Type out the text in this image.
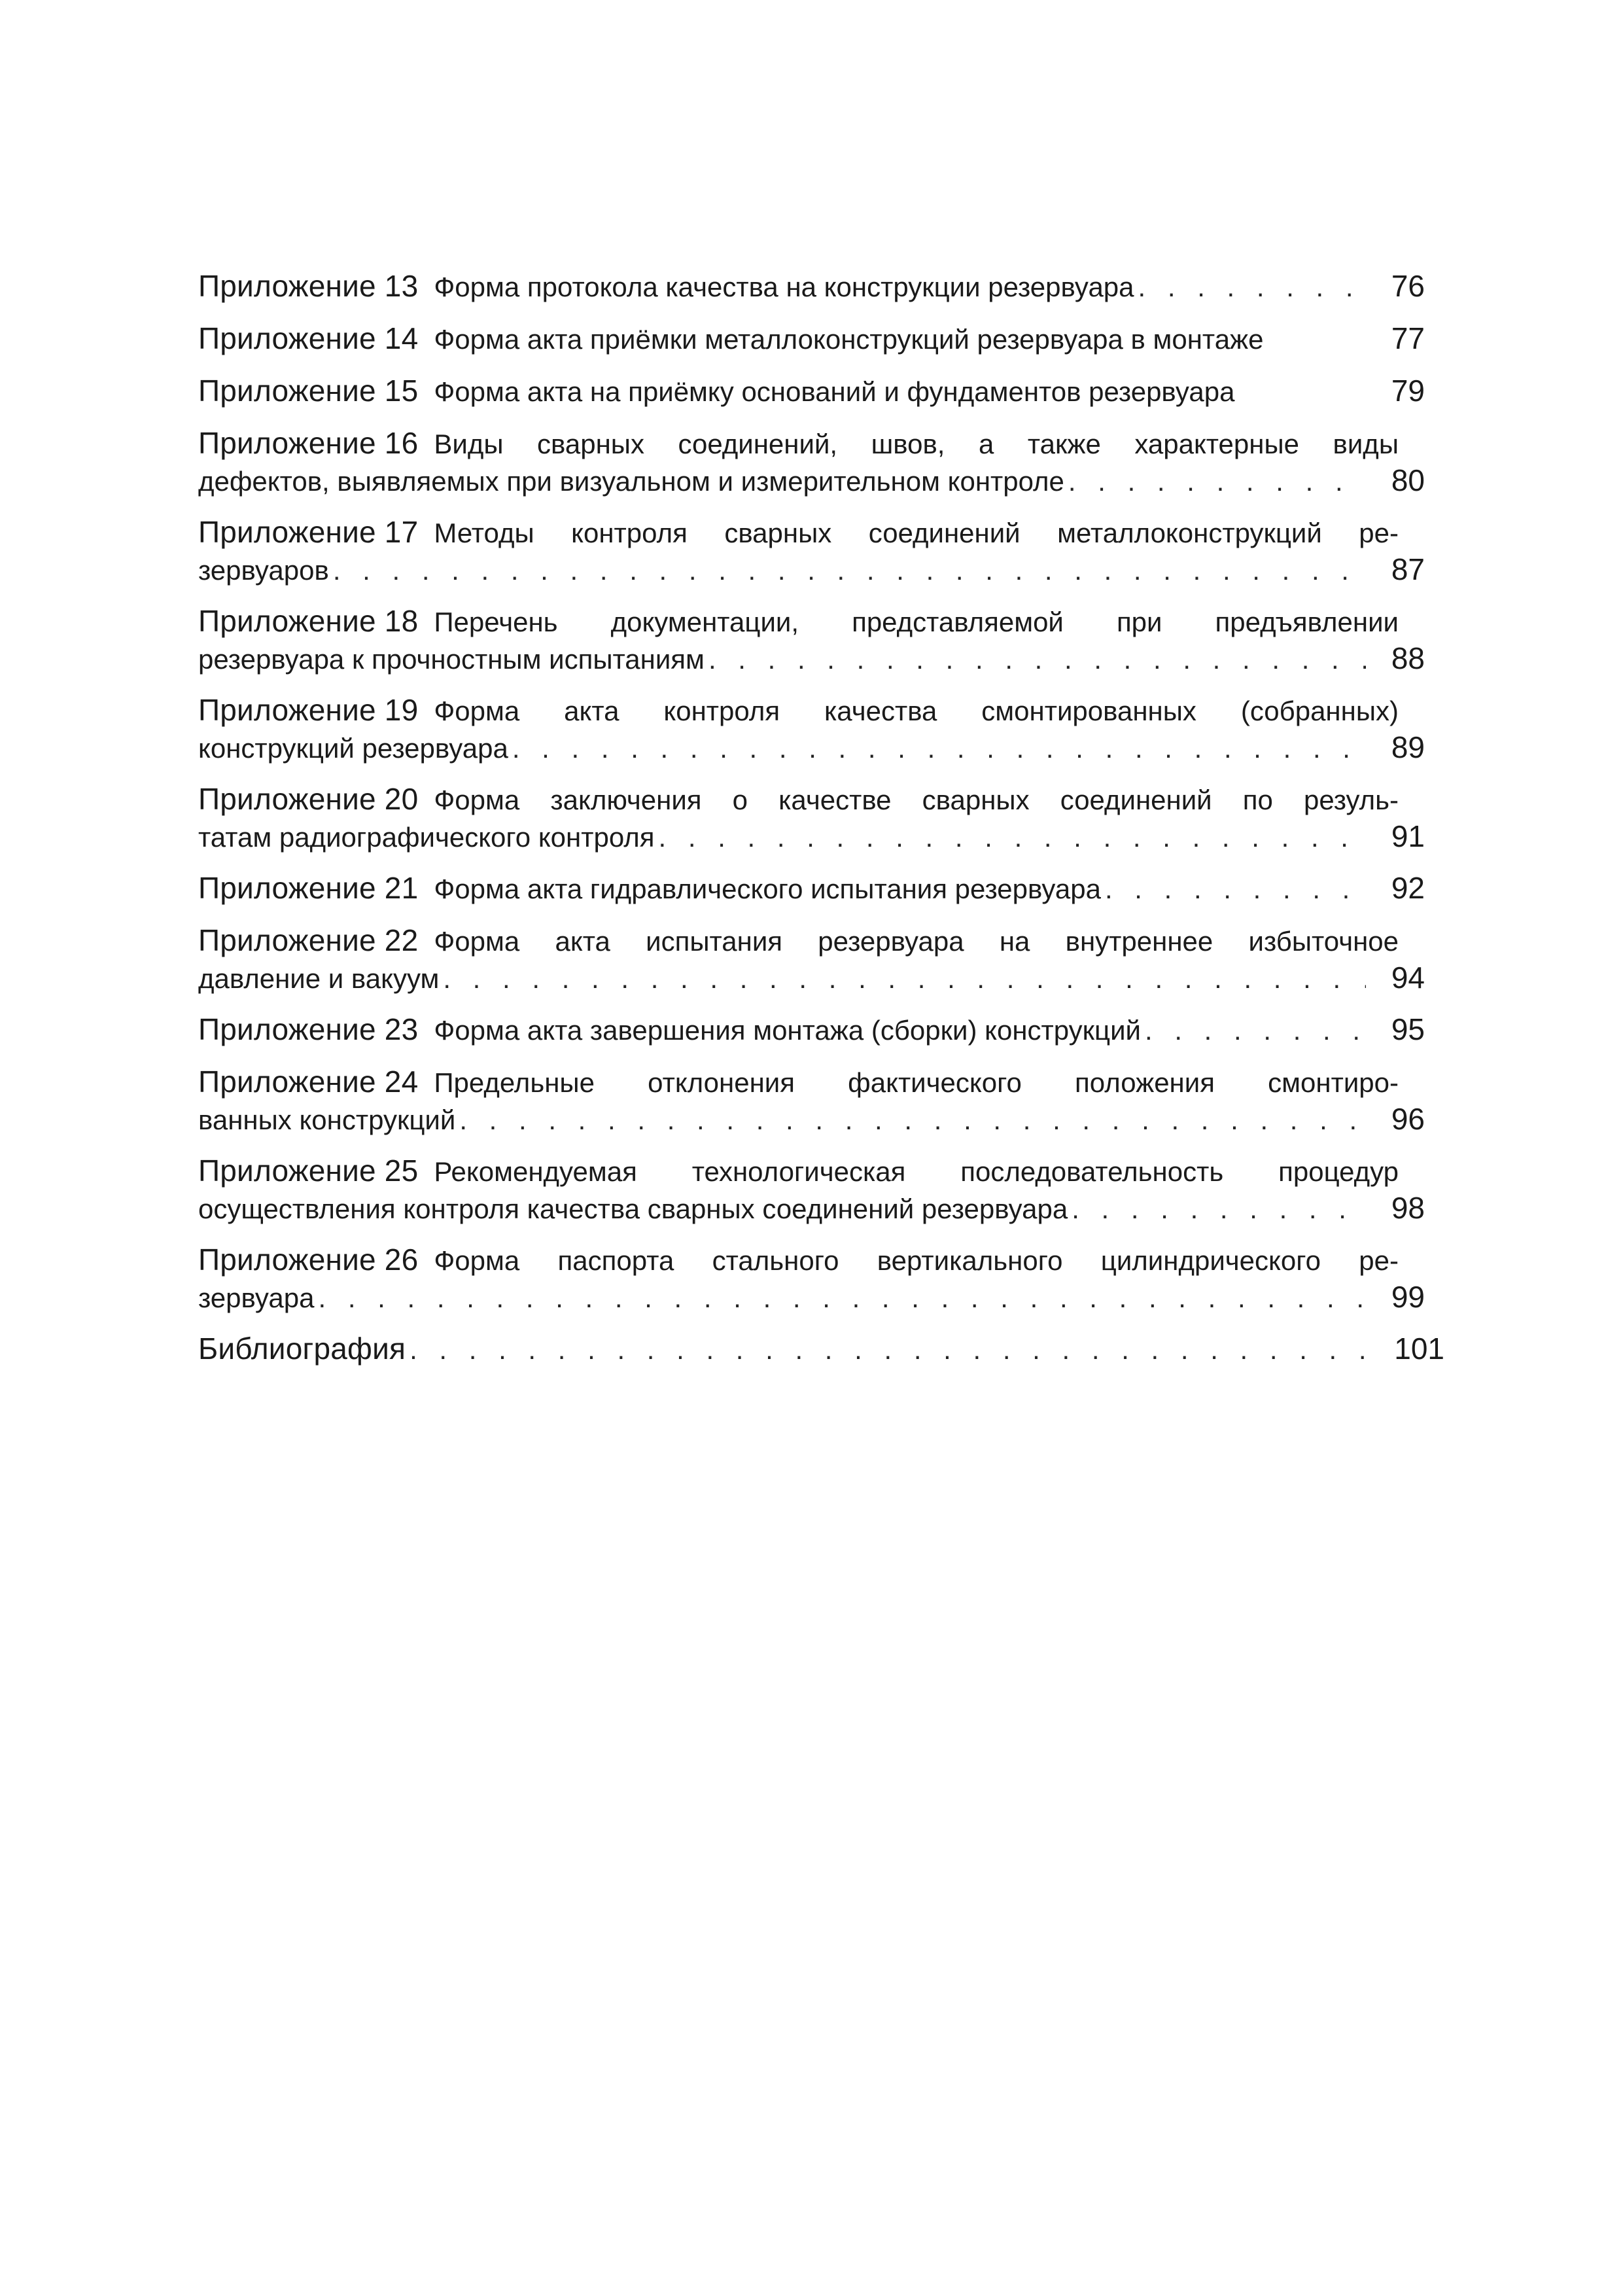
Приложение 13 Форма протокола качества на конструкции резервуара . . .	76
Приложение 14 Форма акта приёмки металлоконструкций резервуара в монтаже	77
Приложение 15 Форма акта на приёмку оснований и фундаментов резервуара	79
Приложение 16 Виды сварных соединений, швов, а также характерные виды
дефектов, выявляемых при визуальном и измерительном контроле . . .	80
Приложение 17 Методы контроля сварных соединений металлоконструкций ре-
зервуаров . . .	87
Приложение 18 Перечень документации, представляемой при предъявлении
резервуара к прочностным испытаниям . . .	88
Приложение 19 Форма акта контроля качества смонтированных (собранных)
конструкций резервуара . . .	89
Приложение 20 Форма заключения о качестве сварных соединений по резуль-
татам радиографического контроля . . .	91
Приложение 21 Форма акта гидравлического испытания резервуара . . .	92
Приложение 22 Форма акта испытания резервуара на внутреннее избыточное
давление и вакуум . . .	94
Приложение 23 Форма акта завершения монтажа (сборки) конструкций . . .	95
Приложение 24 Предельные отклонения фактического положения смонтиро-
ванных конструкций . . .	96
Приложение 25 Рекомендуемая технологическая последовательность процедур
осуществления контроля качества сварных соединений резервуара . . .	98
Приложение 26 Форма паспорта стального вертикального цилиндрического ре-
зервуара . . .	99
Библиография . . .	101
